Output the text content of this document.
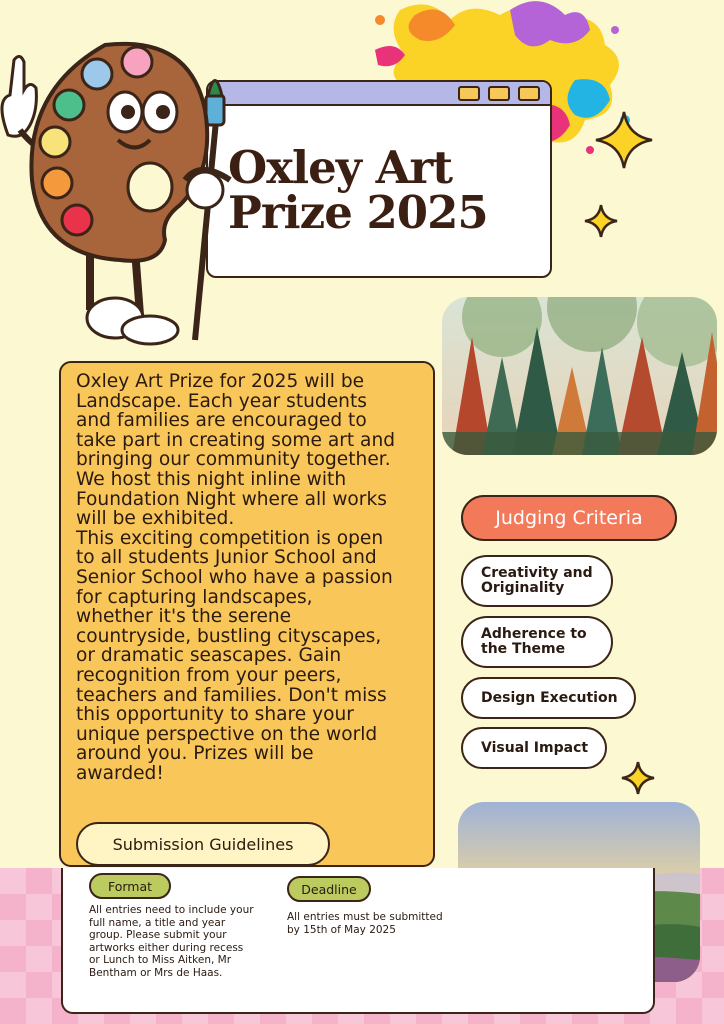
Oxley Art
Prize 2025
Oxley Art Prize for 2025 will be
Landscape. Each year students
and families are encouraged to
take part in creating some art and
bringing our community together.
We host this night inline with
Foundation Night where all works
will be exhibited.
This exciting competition is open
to all students Junior School and
Senior School who have a passion
for capturing landscapes,
whether it's the serene
countryside, bustling cityscapes,
or dramatic seascapes. Gain
recognition from your peers,
teachers and families. Don't miss
this opportunity to share your
unique perspective on the world
around you. Prizes will be
awarded!
Submission Guidelines
Judging Criteria
Creativity and
Originality
Adherence to
the Theme
Design Execution
Visual Impact
Format
All entries need to include your
full name, a title and year
group. Please submit your
artworks either during recess
or Lunch to Miss Aitken, Mr
Bentham or Mrs de Haas.
Deadline
All entries must be submitted
by 15th of May 2025
